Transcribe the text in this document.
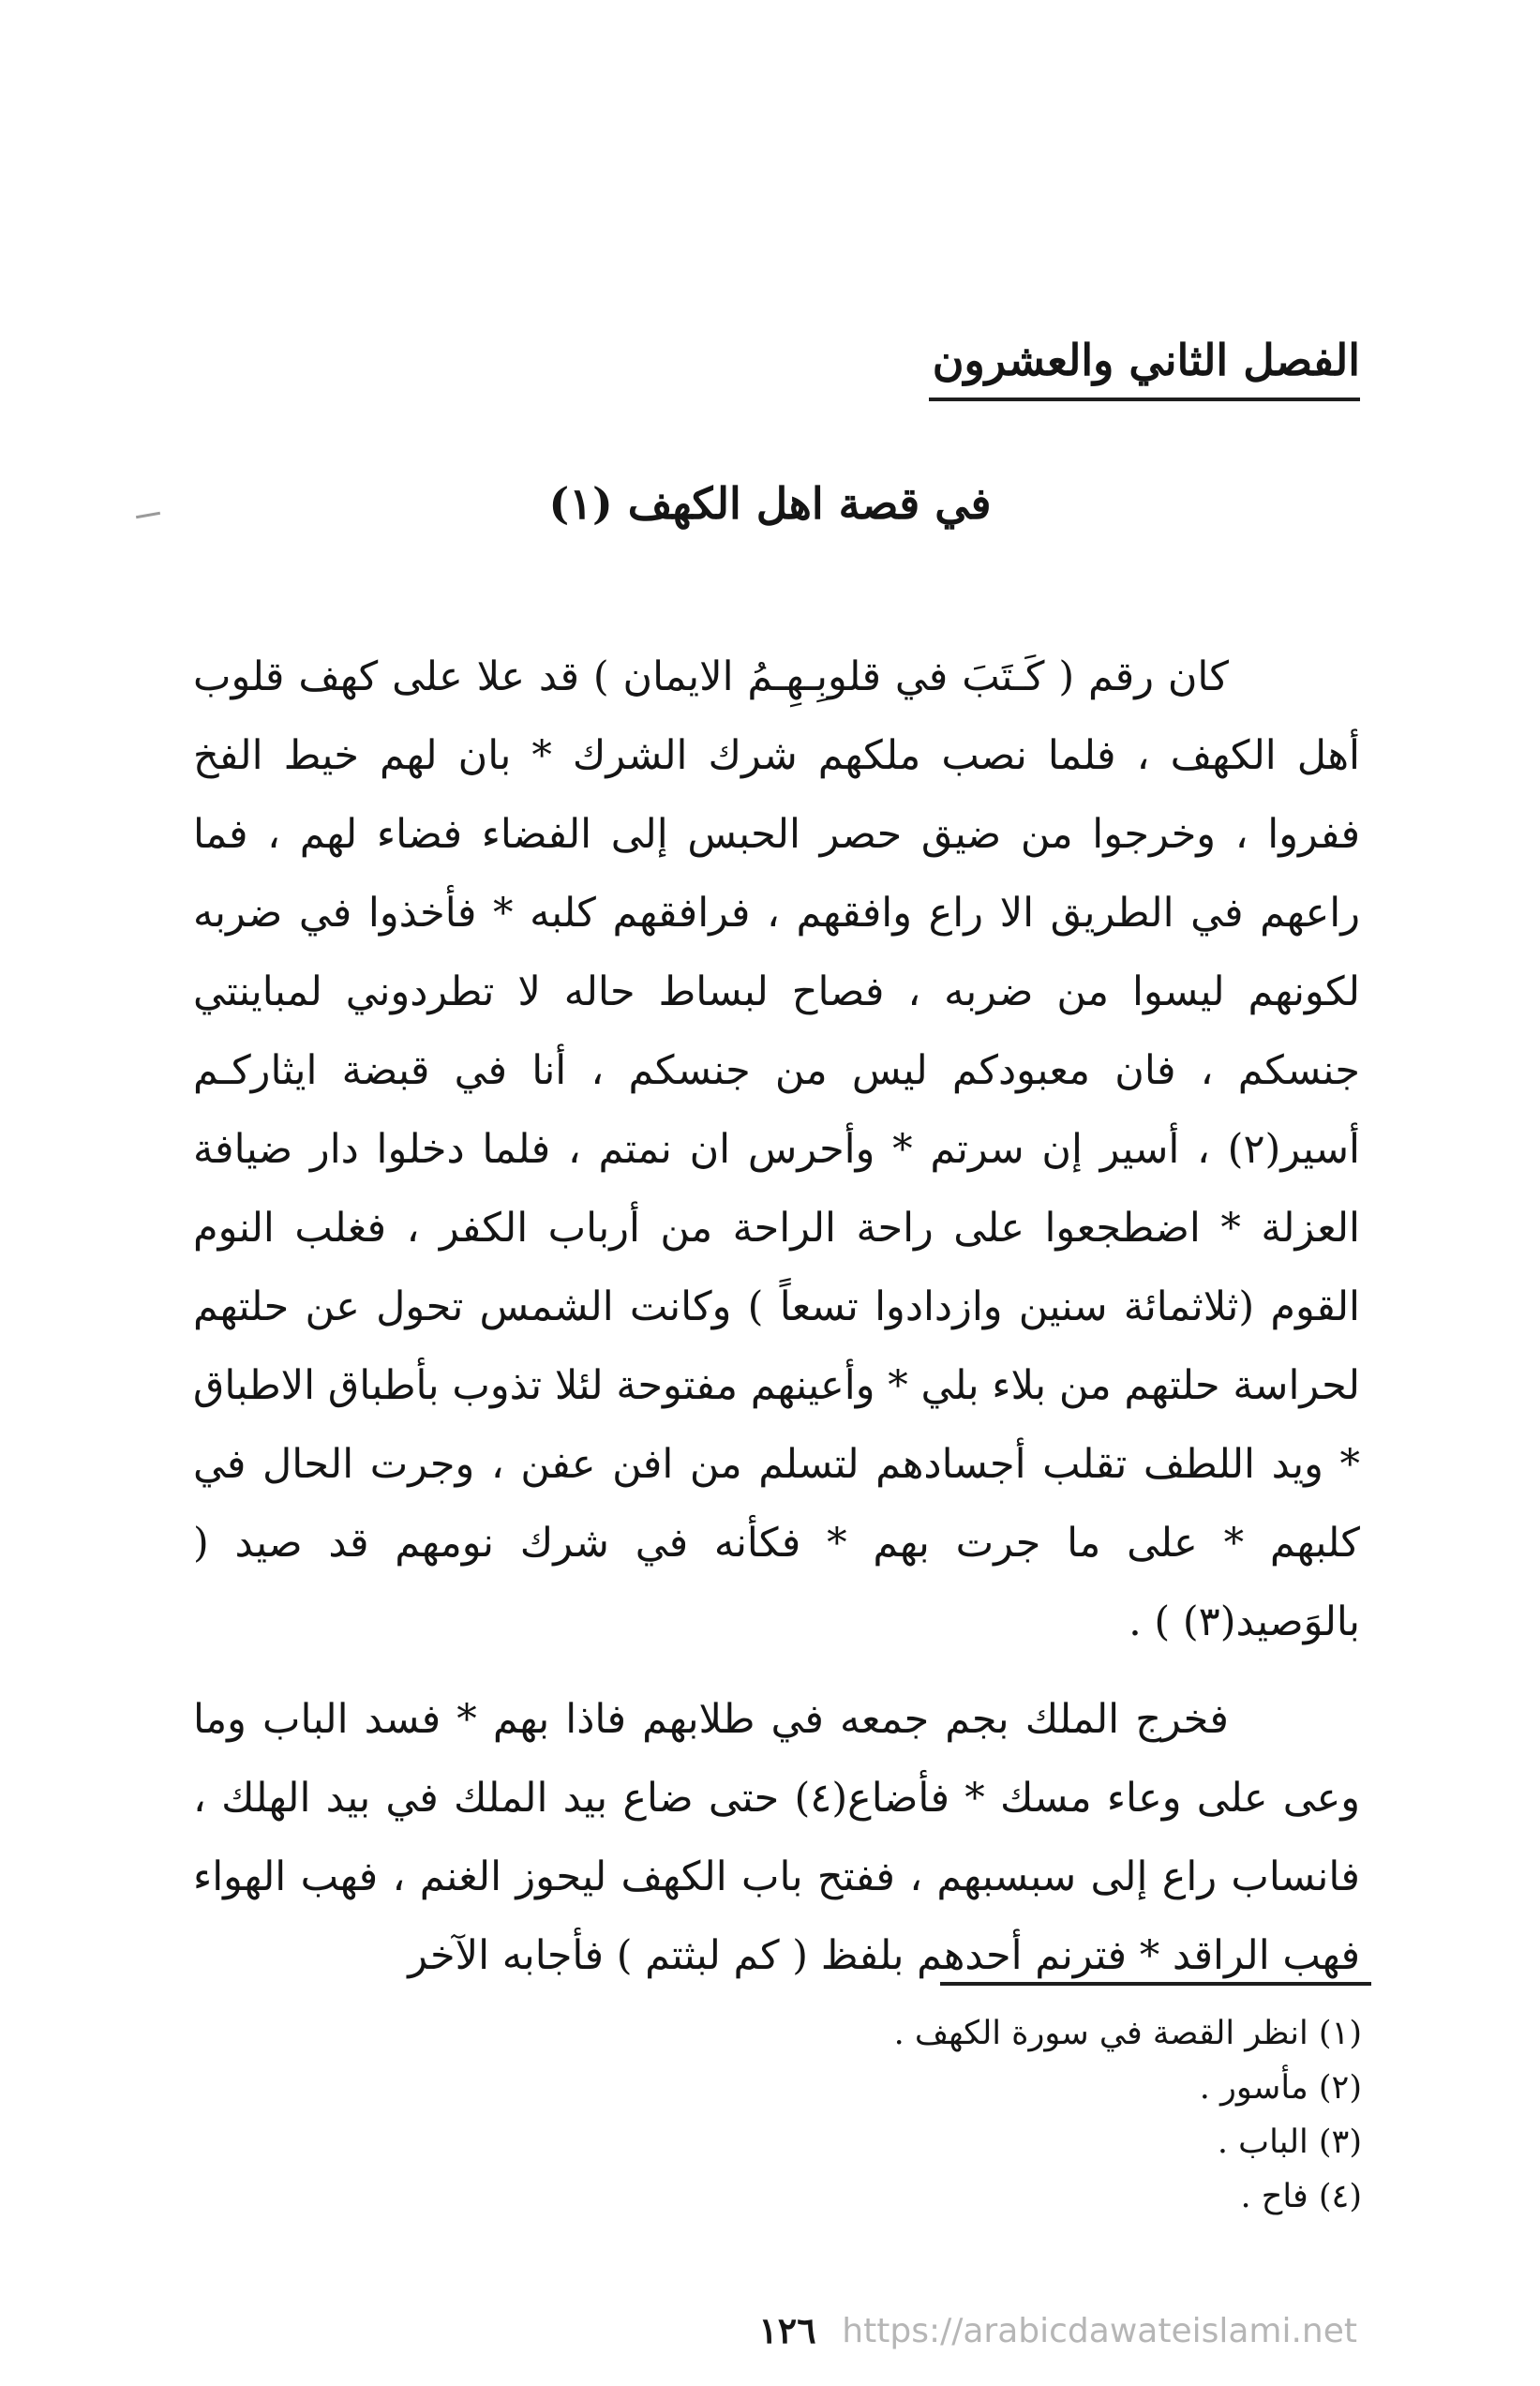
الفصل الثاني والعشرون
في قصة اهل الكهف (١)

كان رقم ( كَـتَبَ في قلوبِـهِـمُ الايمان ) قد علا على كهف قلوب أهل الكهف ، فلما نصب ملكهم شرك الشرك * بان لهم خيط الفخ ففروا ، وخرجوا من ضيق حصر الحبس إلى الفضاء فضاء لهم ، فما راعهم في الطريق الا راع وافقهم ، فرافقهم كلبه * فأخذوا في ضربه لكونهم ليسوا من ضربه ، فصاح لبساط حاله لا تطردوني لمباينتي جنسكم ، فان معبودكم ليس من جنسكم ، أنا في قبضة ايثاركـم أسير(٢) ، أسير إن سرتم * وأحرس ان نمتم ، فلما دخلوا دار ضيافة العزلة * اضطجعوا على راحة الراحة من أرباب الكفر ، فغلب النوم القوم (ثلاثمائة سنين وازدادوا تسعاً ) وكانت الشمس تحول عن حلتهم لحراسة حلتهم من بلاء بلي * وأعينهم مفتوحة لئلا تذوب بأطباق الاطباق * ويد اللطف تقلب أجسادهم لتسلم من افن عفن ، وجرت الحال في كلبهم * على ما جرت بهم * فكأنه في شرك نومهم قد صيد ( بالوَصيد(٣) ) .

فخرج الملك بجم جمعه في طلابهم فاذا بهم * فسد الباب وما وعى على وعاء مسك * فأضاع(٤) حتى ضاع بيد الملك في بيد الهلك ، فانساب راع إلى سبسبهم ، ففتح باب الكهف ليحوز الغنم ، فهب الهواء فهب الراقد * فترنم أحدهم بلفظ ( كم لبثتم ) فأجابه الآخر

(١) انظر القصة في سورة الكهف .
(٢) مأسور .
(٣) الباب .
(٤) فاح .
١٢٦ https://arabicdawateislami.net
